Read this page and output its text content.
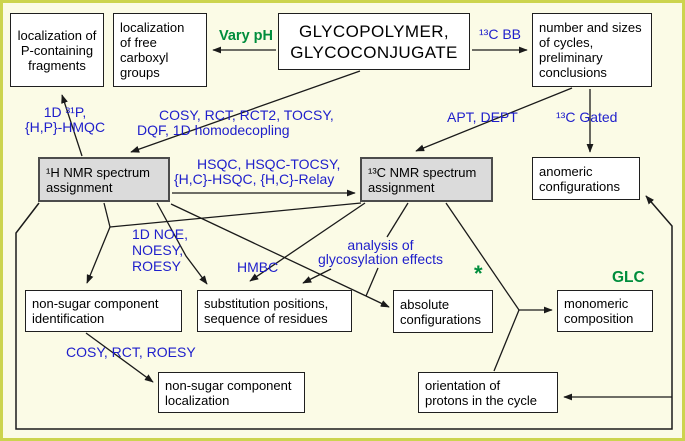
localization of
P-containing
fragments
localization
of free
carboxyl
groups
GLYCOPOLYMER,
GLYCOCONJUGATE
number and sizes
of cycles,
preliminary
conclusions
¹H NMR spectrum
assignment
¹³C NMR spectrum
assignment
anomeric
configurations
non-sugar component
identification
substitution positions,
sequence of residues
absolute
configurations
monomeric
composition
non-sugar component
localization
orientation of
protons in the cycle
Vary pH	¹³C BB
1D ³¹P,
{H,P}-HMQC
COSY, RCT, RCT2, TOCSY,
DQF, 1D homodecopling
HSQC, HSQC-TOCSY,
{H,C}-HSQC, {H,C}-Relay
APT, DEPT	¹³C Gated
1D NOE,
NOESY,
ROESY	HMBC
analysis of
glycosylation effects
COSY, RCT, ROESY
GLC
*
